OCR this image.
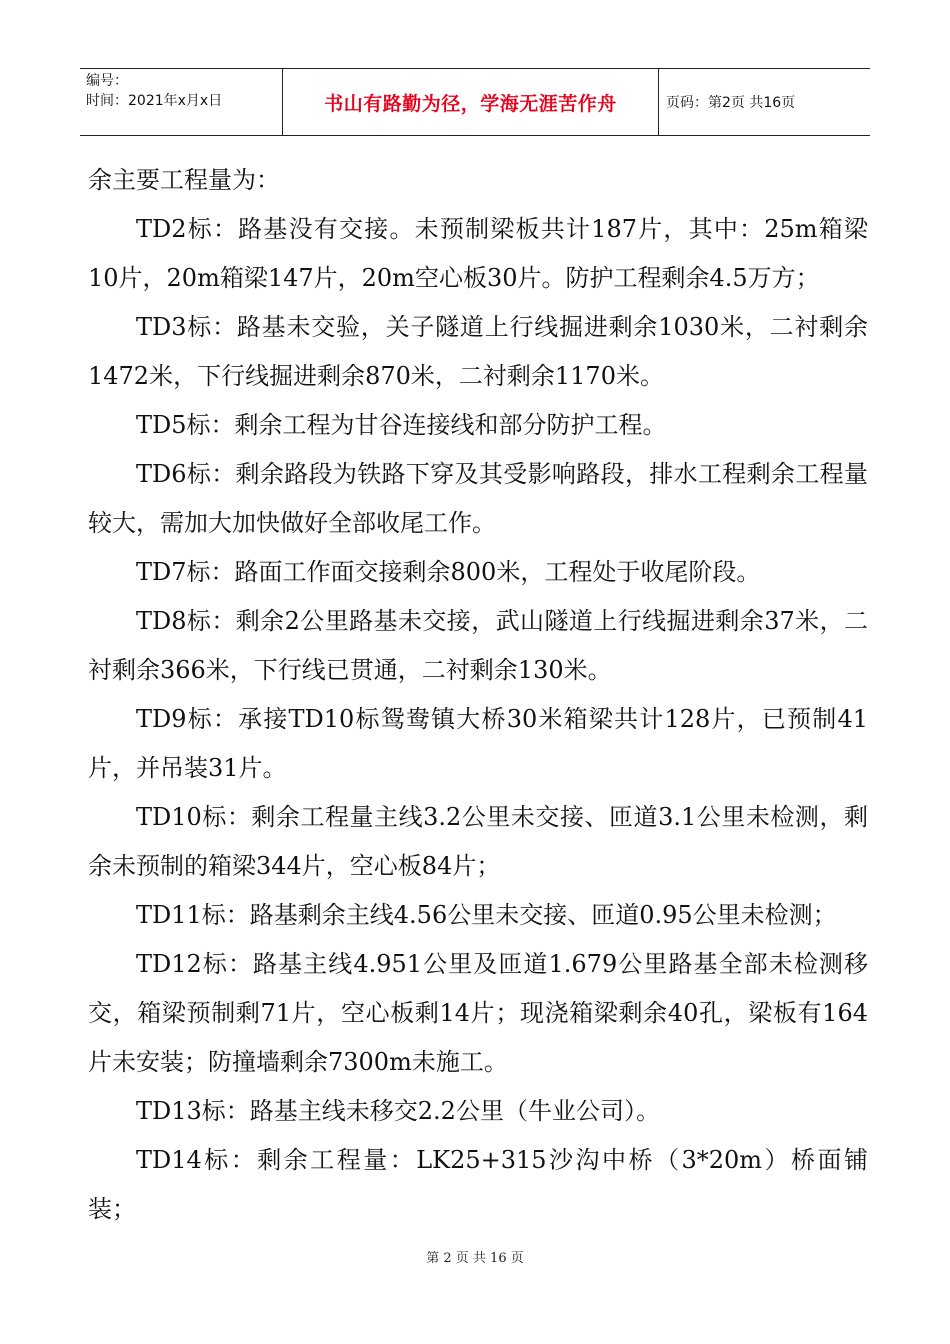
编号：
时间：2021年x月x日	书山有路勤为径，学海无涯苦作舟	页码：第2页 共16页

余主要工程量为：

TD2标：路基没有交接。未预制梁板共计187片，其中：25m箱梁10片，20m箱梁147片，20m空心板30片。防护工程剩余4.5万方；

TD3标：路基未交验，关子隧道上行线掘进剩余1030米，二衬剩余1472米，下行线掘进剩余870米，二衬剩余1170米。

TD5标：剩余工程为甘谷连接线和部分防护工程。

TD6标：剩余路段为铁路下穿及其受影响路段，排水工程剩余工程量较大，需加大加快做好全部收尾工作。

TD7标：路面工作面交接剩余800米，工程处于收尾阶段。

TD8标：剩余2公里路基未交接，武山隧道上行线掘进剩余37米，二衬剩余366米，下行线已贯通，二衬剩余130米。

TD9标：承接TD10标鸳鸯镇大桥30米箱梁共计128片，已预制41片，并吊装31片。

TD10标：剩余工程量主线3.2公里未交接、匝道3.1公里未检测，剩余未预制的箱梁344片，空心板84片；

TD11标：路基剩余主线4.56公里未交接、匝道0.95公里未检测；

TD12标：路基主线4.951公里及匝道1.679公里路基全部未检测移交，箱梁预制剩71片，空心板剩14片；现浇箱梁剩余40孔，梁板有164片未安装；防撞墙剩余7300m未施工。

TD13标：路基主线未移交2.2公里（牛业公司）。

TD14标：剩余工程量：LK25+315沙沟中桥（3*20m）桥面铺装；

第 2 页 共 16 页
